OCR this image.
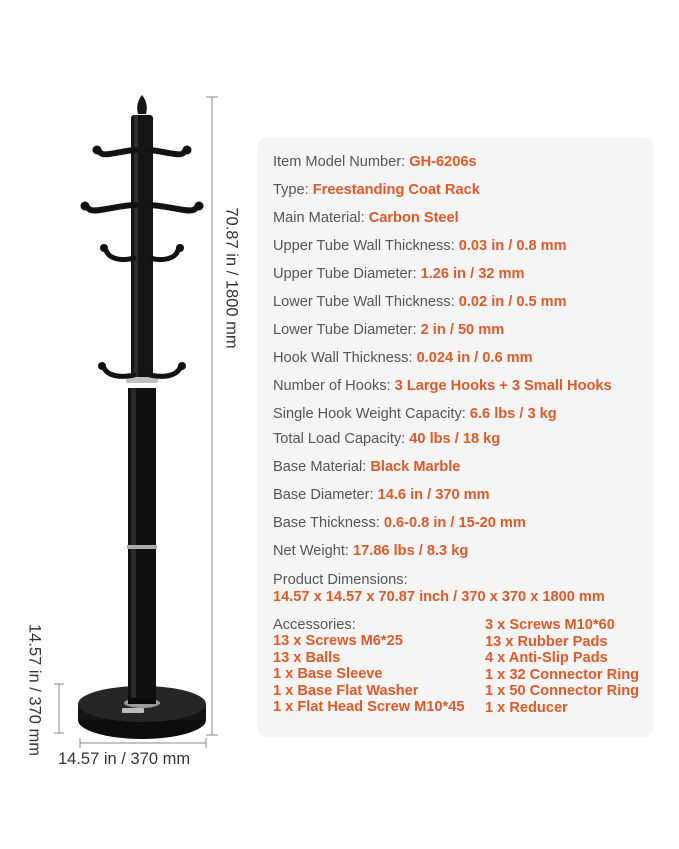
70.87 in / 1800 mm
14.57 in / 370 mm
14.57 in / 370 mm
Item Model Number: GH-6206s
Type: Freestanding Coat Rack
Main Material: Carbon Steel
Upper Tube Wall Thickness: 0.03 in / 0.8 mm
Upper Tube Diameter: 1.26 in / 32 mm
Lower Tube Wall Thickness: 0.02 in / 0.5 mm
Lower Tube Diameter: 2 in / 50 mm
Hook Wall Thickness: 0.024 in / 0.6 mm
Number of Hooks: 3 Large Hooks + 3 Small Hooks
Single Hook Weight Capacity: 6.6 lbs / 3 kg
Total Load Capacity: 40 lbs / 18 kg
Base Material: Black Marble
Base Diameter: 14.6 in / 370 mm
Base Thickness: 0.6-0.8 in / 15-20 mm
Net Weight: 17.86 lbs / 8.3 kg
Product Dimensions:
14.57 x 14.57 x 70.87 inch / 370 x 370 x 1800 mm
Accessories:
13 x Screws M6*25
13 x Balls
1 x Base Sleeve
1 x Base Flat Washer
1 x Flat Head Screw M10*45
3 x Screws M10*60
13 x Rubber Pads
4 x Anti-Slip Pads
1 x 32 Connector Ring
1 x 50 Connector Ring
1 x Reducer
